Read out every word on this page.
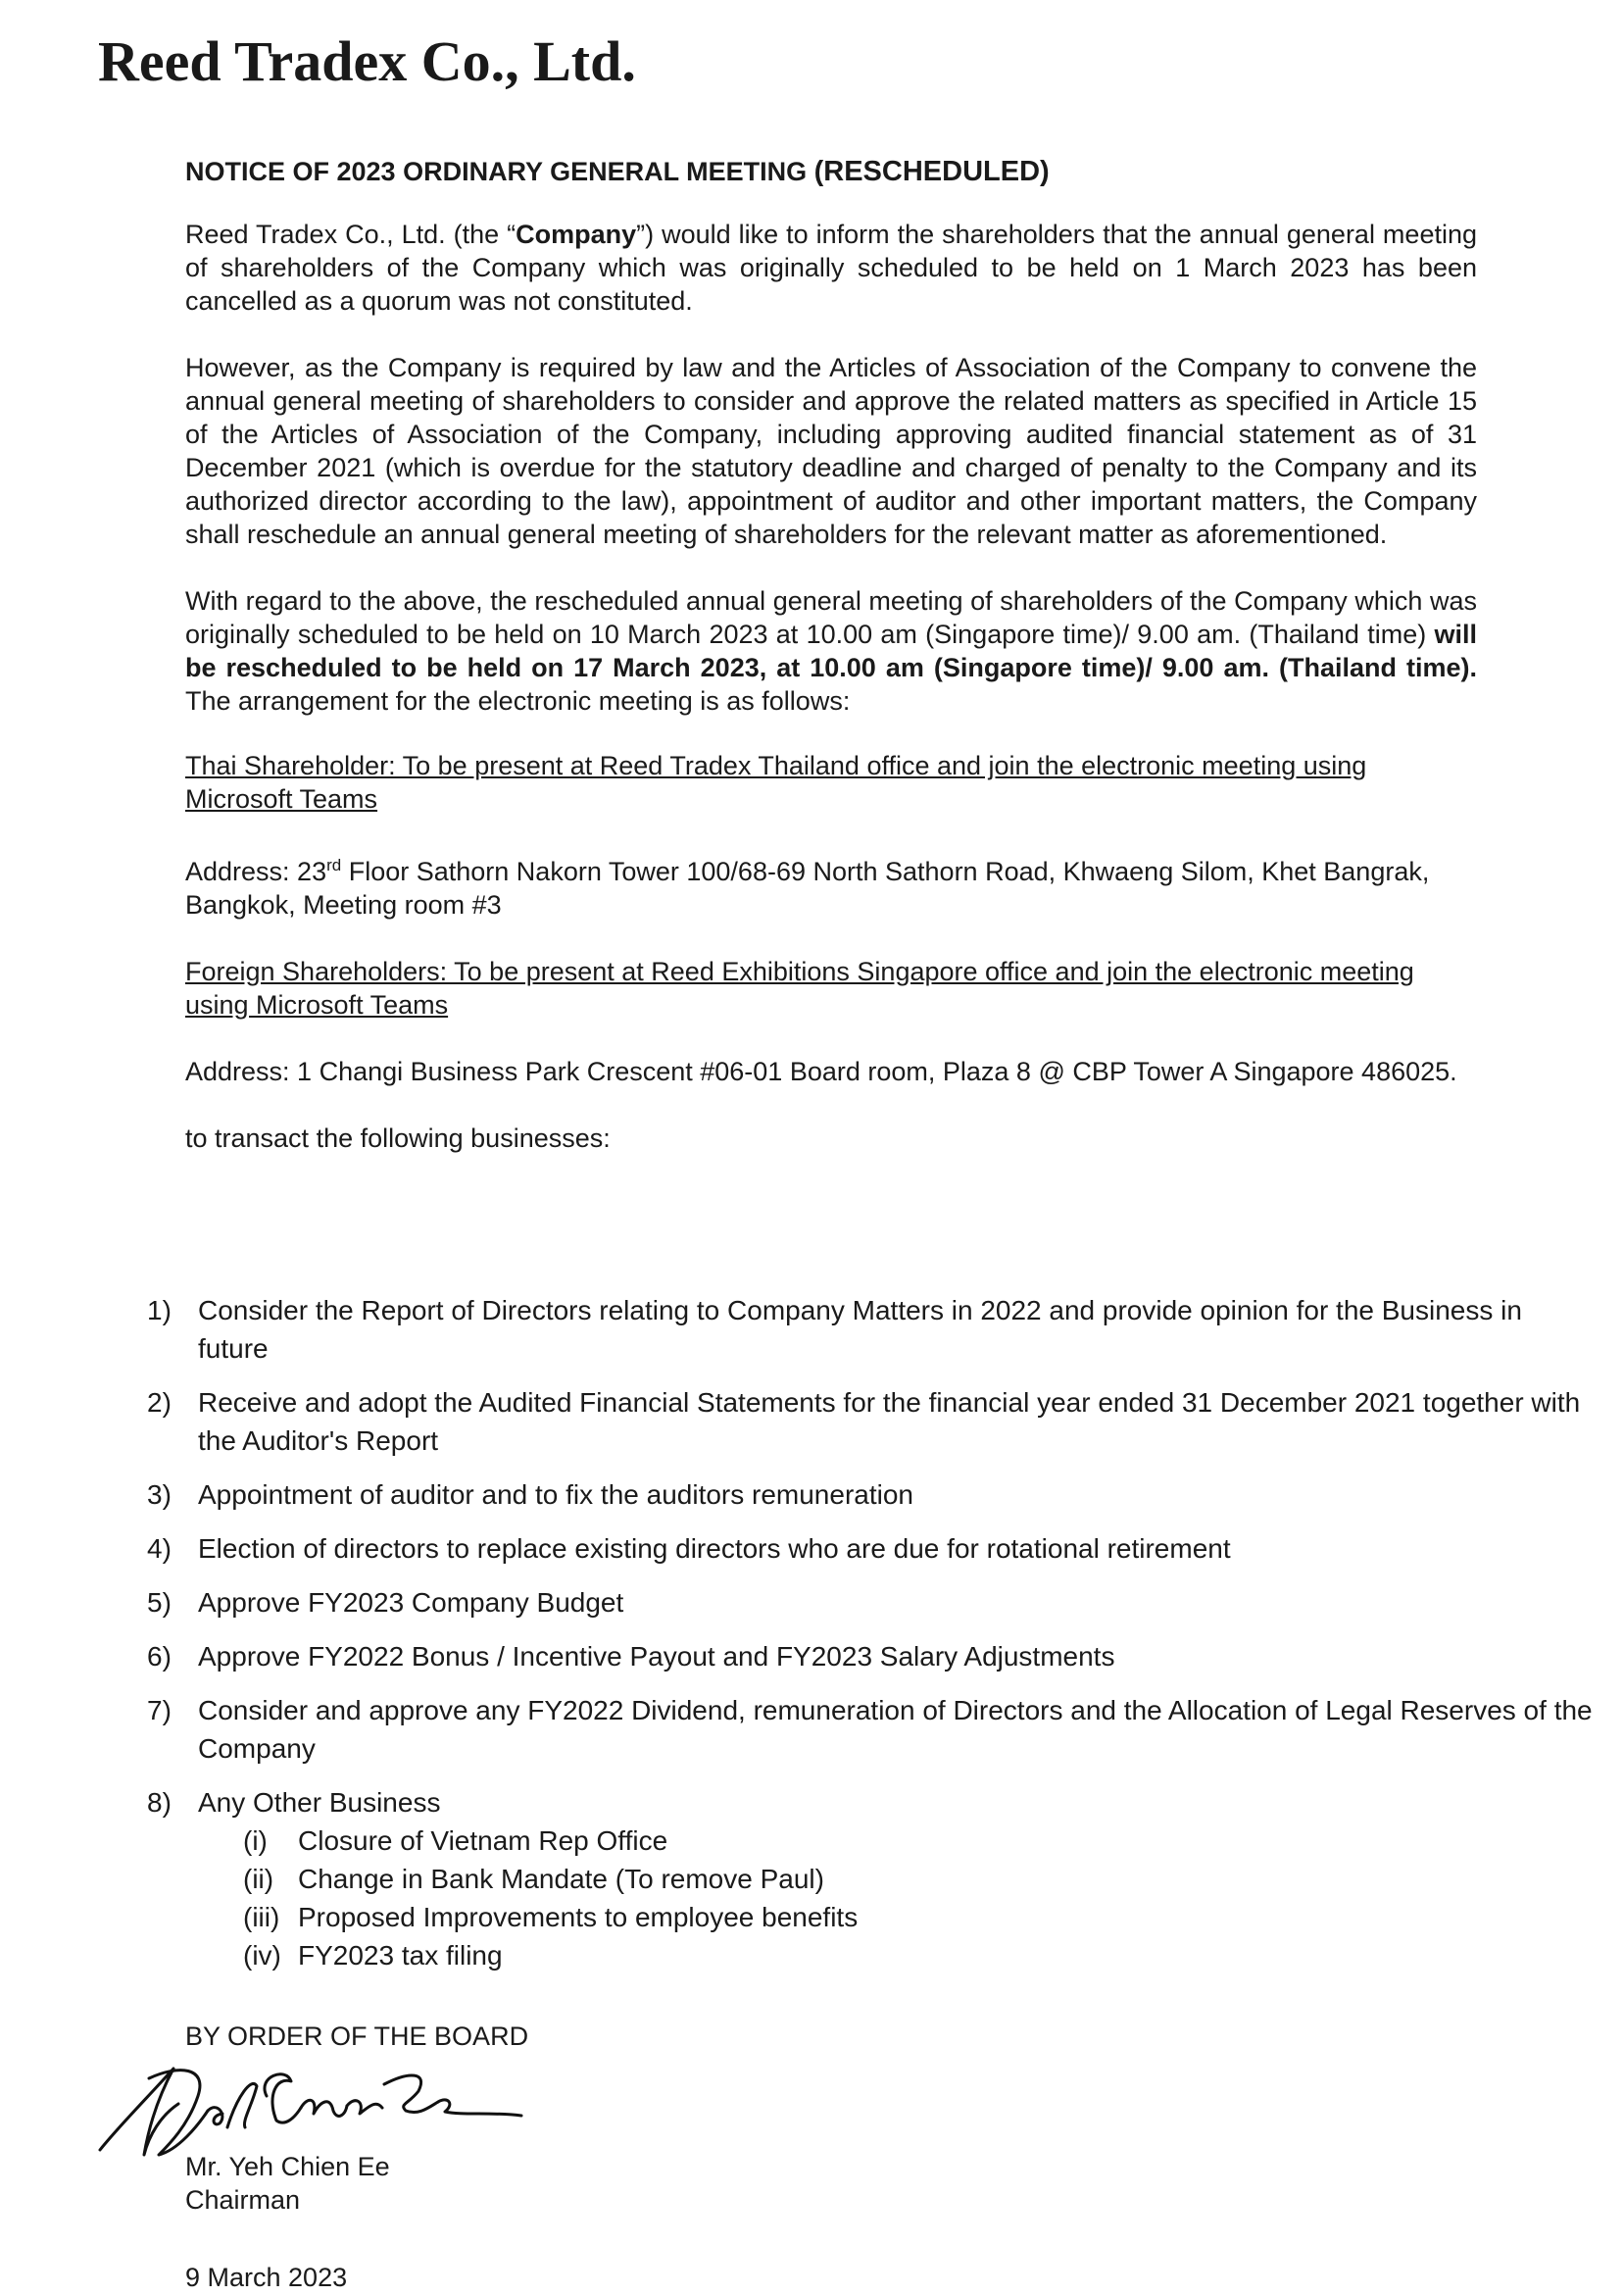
Reed Tradex Co., Ltd.
NOTICE OF 2023 ORDINARY GENERAL MEETING (RESCHEDULED)

Reed Tradex Co., Ltd. (the “Company”) would like to inform the shareholders that the annual general meeting of shareholders of the Company which was originally scheduled to be held on 1 March 2023 has been cancelled as a quorum was not constituted.

However, as the Company is required by law and the Articles of Association of the Company to convene the annual general meeting of shareholders to consider and approve the related matters as specified in Article 15 of the Articles of Association of the Company, including approving audited financial statement as of 31 December 2021 (which is overdue for the statutory deadline and charged of penalty to the Company and its authorized director according to the law), appointment of auditor and other important matters, the Company shall reschedule an annual general meeting of shareholders for the relevant matter as aforementioned.

With regard to the above, the rescheduled annual general meeting of shareholders of the Company which was originally scheduled to be held on 10 March 2023 at 10.00 am (Singapore time)/ 9.00 am. (Thailand time) will be rescheduled to be held on 17 March 2023, at 10.00 am (Singapore time)/ 9.00 am. (Thailand time). The arrangement for the electronic meeting is as follows:

Thai Shareholder: To be present at Reed Tradex Thailand office and join the electronic meeting using Microsoft Teams

Address: 23rd Floor Sathorn Nakorn Tower 100/68-69 North Sathorn Road, Khwaeng Silom, Khet Bangrak, Bangkok, Meeting room #3

Foreign Shareholders: To be present at Reed Exhibitions Singapore office and join the electronic meeting using Microsoft Teams

Address: 1 Changi Business Park Crescent #06-01 Board room, Plaza 8 @ CBP Tower A Singapore 486025.

to transact the following businesses:

1) Consider the Report of Directors relating to Company Matters in 2022 and provide opinion for the Business in future
2) Receive and adopt the Audited Financial Statements for the financial year ended 31 December 2021 together with the Auditor's Report
3) Appointment of auditor and to fix the auditors remuneration
4) Election of directors to replace existing directors who are due for rotational retirement
5) Approve FY2023 Company Budget
6) Approve FY2022 Bonus / Incentive Payout and FY2023 Salary Adjustments
7) Consider and approve any FY2022 Dividend, remuneration of Directors and the Allocation of Legal Reserves of the Company
8) Any Other Business
(i)	Closure of Vietnam Rep Office
(ii) Change in Bank Mandate (To remove Paul)
(iii) Proposed Improvements to employee benefits
(iv) FY2023 tax filing
BY ORDER OF THE BOARD
Mr. Yeh Chien Ee
Chairman
9 March 2023
